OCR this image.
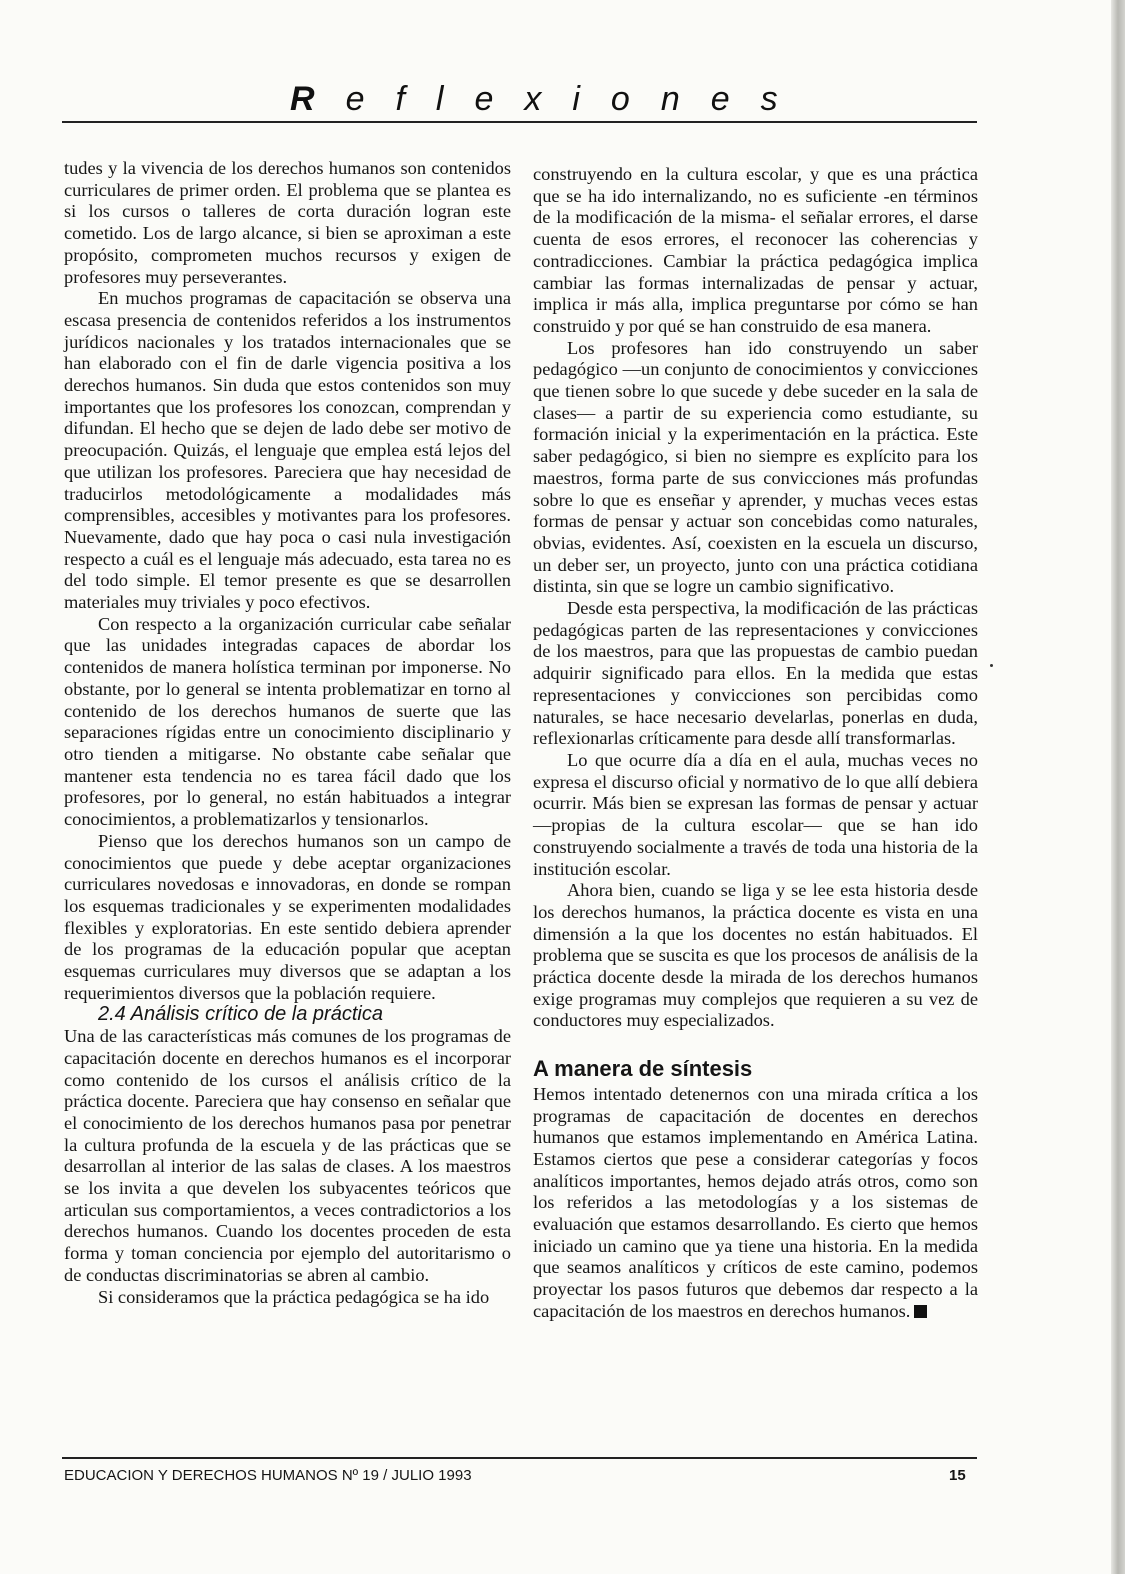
Reflexiones

tudes y la vivencia de los derechos humanos son contenidos curriculares de primer orden. El problema que se plantea es si los cursos o talleres de corta duración logran este cometido. Los de largo alcance, si bien se aproximan a este propósito, comprometen muchos recursos y exigen de profesores muy perseverantes.

En muchos programas de capacitación se observa una escasa presencia de contenidos referidos a los instrumentos jurídicos nacionales y los tratados internacionales que se han elaborado con el fin de darle vigencia positiva a los derechos humanos. Sin duda que estos contenidos son muy importantes que los profesores los conozcan, comprendan y difundan. El hecho que se dejen de lado debe ser motivo de preocupación. Quizás, el lenguaje que emplea está lejos del que utilizan los profesores. Pareciera que hay necesidad de traducirlos metodológicamente a modalidades más comprensibles, accesibles y motivantes para los profesores. Nuevamente, dado que hay poca o casi nula investigación respecto a cuál es el lenguaje más adecuado, esta tarea no es del todo simple. El temor presente es que se desarrollen materiales muy triviales y poco efectivos.

Con respecto a la organización curricular cabe señalar que las unidades integradas capaces de abordar los contenidos de manera holística terminan por imponerse. No obstante, por lo general se intenta problematizar en torno al contenido de los derechos humanos de suerte que las separaciones rígidas entre un conocimiento disciplinario y otro tienden a mitigarse. No obstante cabe señalar que mantener esta tendencia no es tarea fácil dado que los profesores, por lo general, no están habituados a integrar conocimientos, a problematizarlos y tensionarlos.

Pienso que los derechos humanos son un campo de conocimientos que puede y debe aceptar organizaciones curriculares novedosas e innovadoras, en donde se rompan los esquemas tradicionales y se experimenten modalidades flexibles y exploratorias. En este sentido debiera aprender de los programas de la educación popular que aceptan esquemas curriculares muy diversos que se adaptan a los requerimientos diversos que la población requiere.

2.4 Análisis crítico de la práctica

Una de las características más comunes de los programas de capacitación docente en derechos humanos es el incorporar como contenido de los cursos el análisis crítico de la práctica docente. Pareciera que hay consenso en señalar que el conocimiento de los derechos humanos pasa por penetrar la cultura profunda de la escuela y de las prácticas que se desarrollan al interior de las salas de clases. A los maestros se los invita a que develen los subyacentes teóricos que articulan sus comportamientos, a veces contradictorios a los derechos humanos. Cuando los docentes proceden de esta forma y toman conciencia por ejemplo del autoritarismo o de conductas discriminatorias se abren al cambio.

Si consideramos que la práctica pedagógica se ha ido

construyendo en la cultura escolar, y que es una práctica que se ha ido internalizando, no es suficiente -en términos de la modificación de la misma- el señalar errores, el darse cuenta de esos errores, el reconocer las coherencias y contradicciones. Cambiar la práctica pedagógica implica cambiar las formas internalizadas de pensar y actuar, implica ir más alla, implica preguntarse por cómo se han construido y por qué se han construido de esa manera.

Los profesores han ido construyendo un saber pedagógico —un conjunto de conocimientos y convicciones que tienen sobre lo que sucede y debe suceder en la sala de clases— a partir de su experiencia como estudiante, su formación inicial y la experimentación en la práctica. Este saber pedagógico, si bien no siempre es explícito para los maestros, forma parte de sus convicciones más profundas sobre lo que es enseñar y aprender, y muchas veces estas formas de pensar y actuar son concebidas como naturales, obvias, evidentes. Así, coexisten en la escuela un discurso, un deber ser, un proyecto, junto con una práctica cotidiana distinta, sin que se logre un cambio significativo.

Desde esta perspectiva, la modificación de las prácticas pedagógicas parten de las representaciones y convicciones de los maestros, para que las propuestas de cambio puedan adquirir significado para ellos. En la medida que estas representaciones y convicciones son percibidas como naturales, se hace necesario develarlas, ponerlas en duda, reflexionarlas críticamente para desde allí transformarlas.

Lo que ocurre día a día en el aula, muchas veces no expresa el discurso oficial y normativo de lo que allí debiera ocurrir. Más bien se expresan las formas de pensar y actuar —propias de la cultura escolar— que se han ido construyendo socialmente a través de toda una historia de la institución escolar.

Ahora bien, cuando se liga y se lee esta historia desde los derechos humanos, la práctica docente es vista en una dimensión a la que los docentes no están habituados. El problema que se suscita es que los procesos de análisis de la práctica docente desde la mirada de los derechos humanos exige programas muy complejos que requieren a su vez de conductores muy especializados.

A manera de síntesis

Hemos intentado detenernos con una mirada crítica a los programas de capacitación de docentes en derechos humanos que estamos implementando en América Latina. Estamos ciertos que pese a considerar categorías y focos analíticos importantes, hemos dejado atrás otros, como son los referidos a las metodologías y a los sistemas de evaluación que estamos desarrollando. Es cierto que hemos iniciado un camino que ya tiene una historia. En la medida que seamos analíticos y críticos de este camino, podemos proyectar los pasos futuros que debemos dar respecto a la capacitación de los maestros en derechos humanos.

EDUCACION Y DERECHOS HUMANOS Nº 19 / JULIO 1993	15
